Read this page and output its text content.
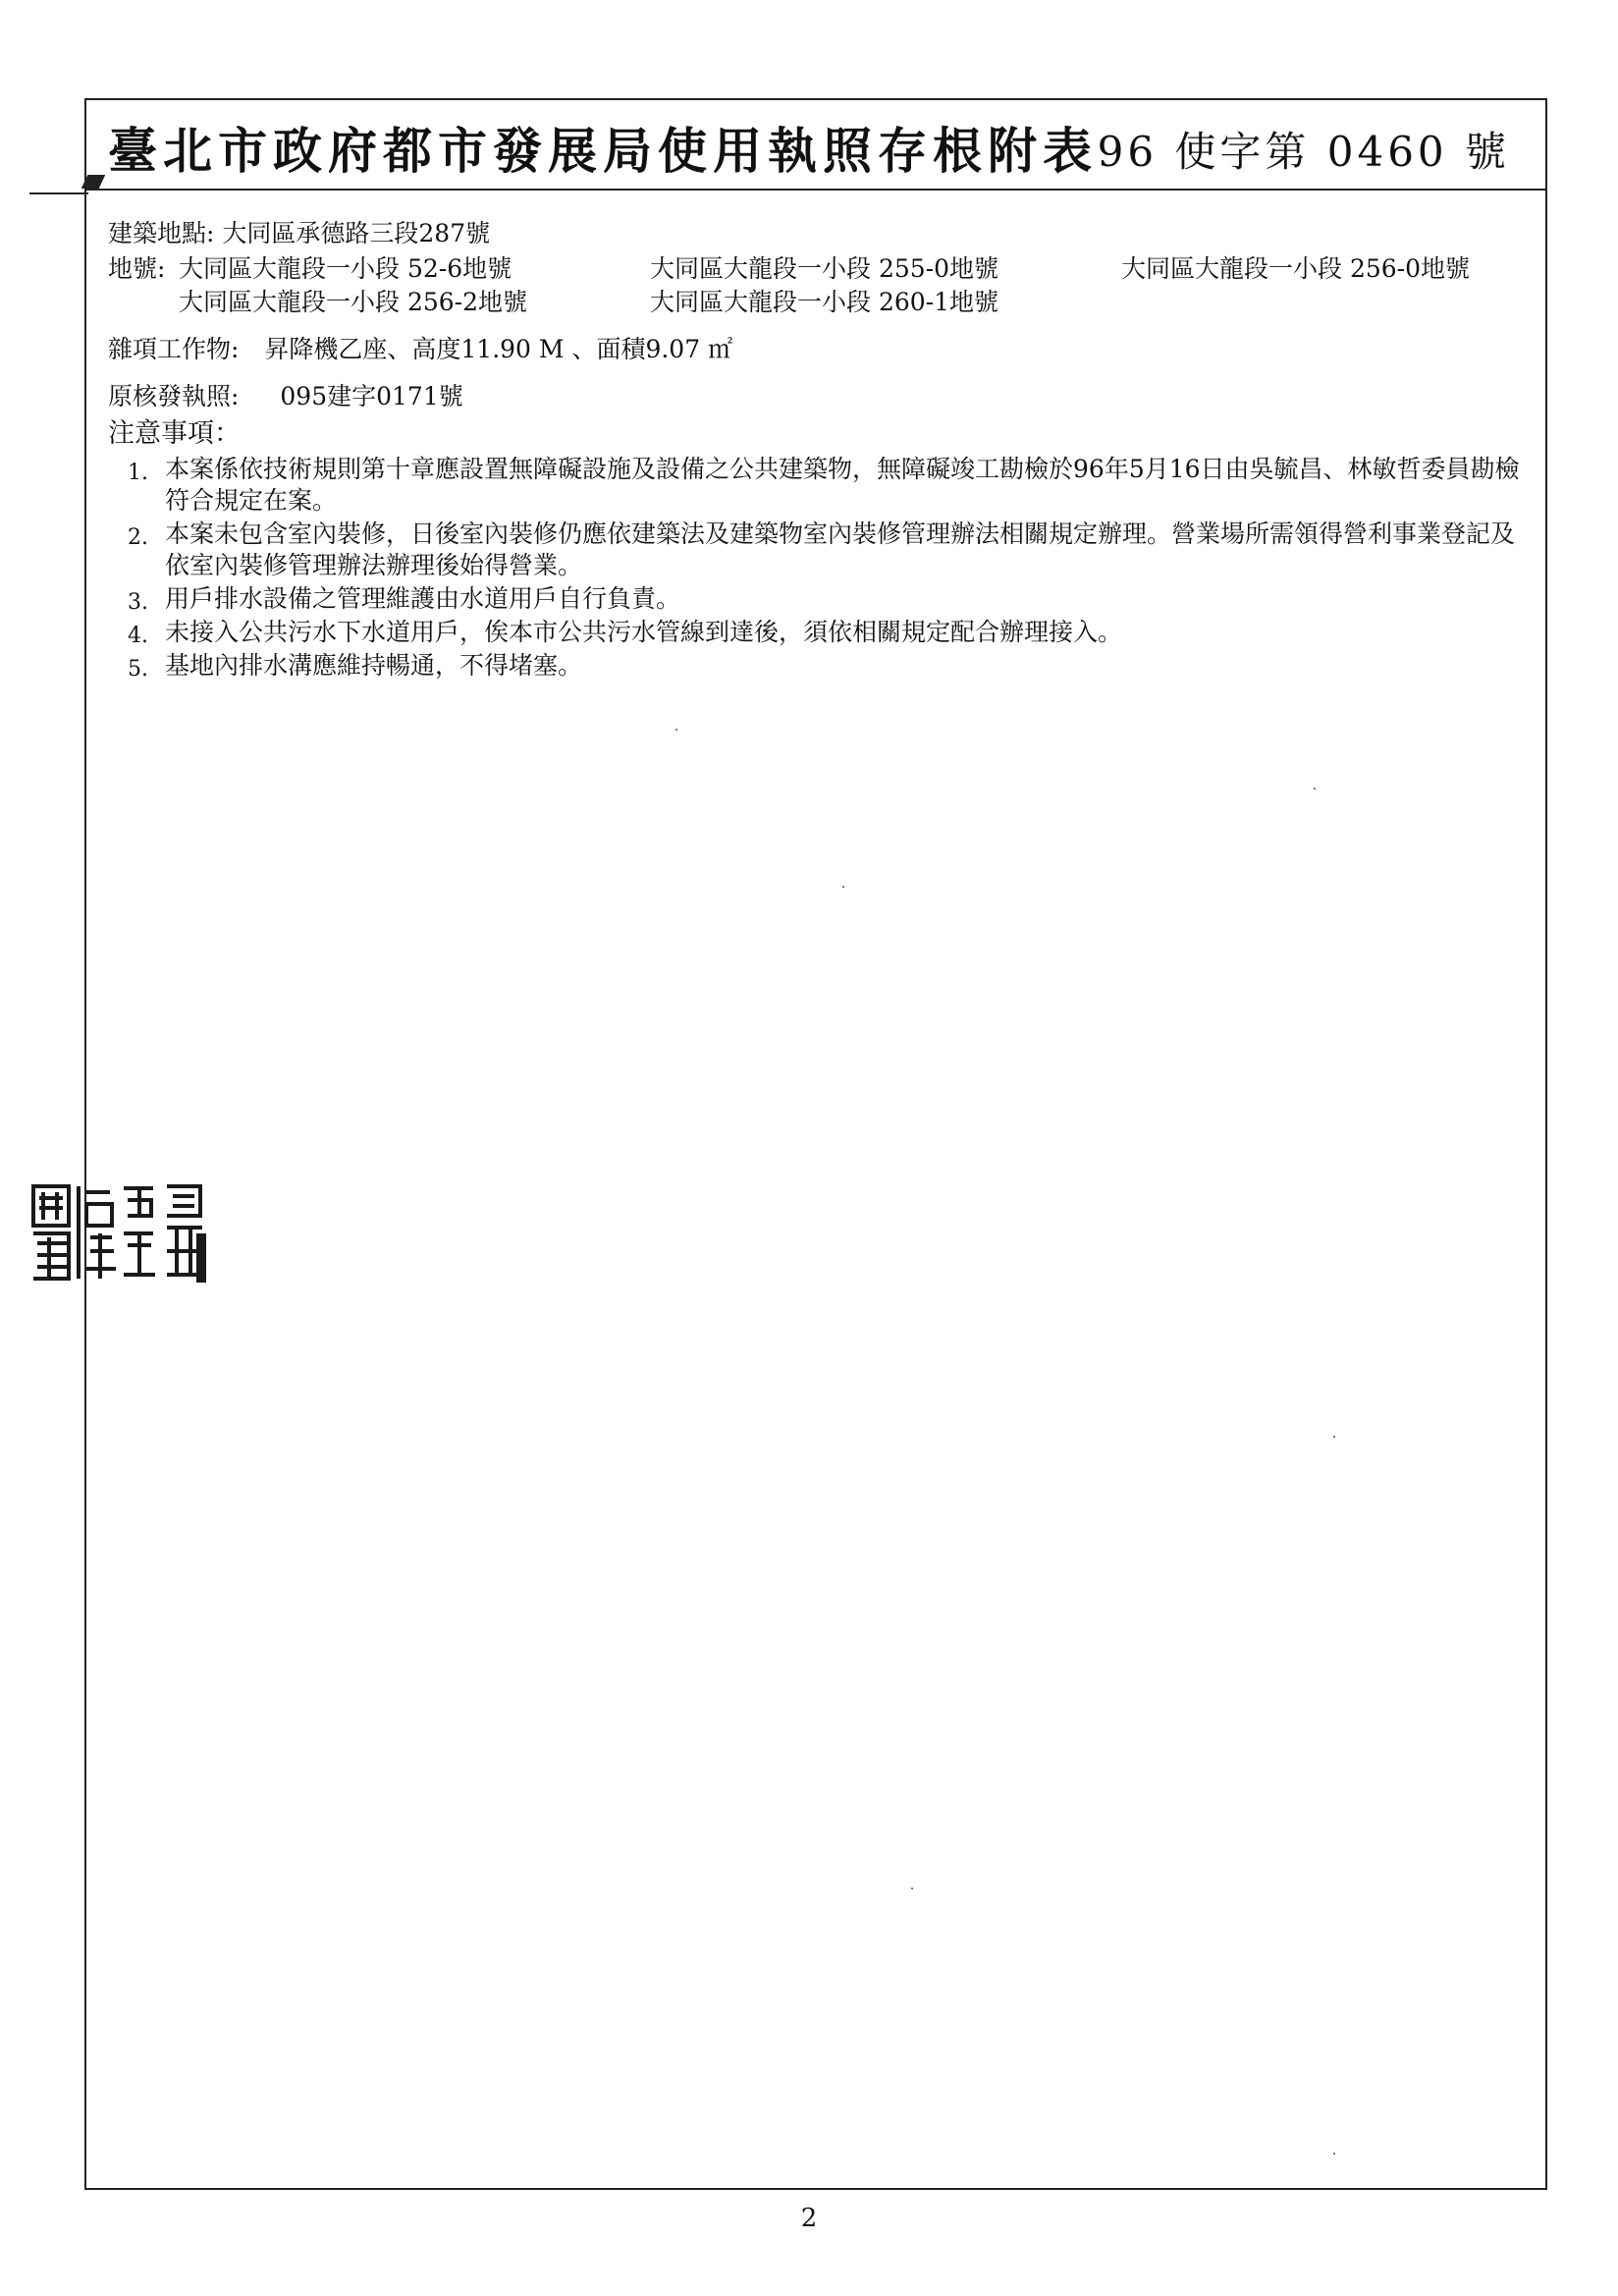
臺北市政府都市發展局使用執照存根附表 96 使字第 0460 號
建築地點: 大同區承德路三段287號
地號: 大同區大龍段一小段 52-6地號	大同區大龍段一小段 255-0地號	大同區大龍段一小段 256-0地號
大同區大龍段一小段 256-2地號	大同區大龍段一小段 260-1地號
雜項工作物: 昇降機乙座、高度11.90 M 、面積9.07 ㎡
原核發執照: 095建字0171號
注意事項：
1. 本案係依技術規則第十章應設置無障礙設施及設備之公共建築物，無障礙竣工勘檢於96年5月16日由吳毓昌、林敏哲委員勘檢符合規定在案。
2. 本案未包含室內裝修，日後室內裝修仍應依建築法及建築物室內裝修管理辦法相關規定辦理。營業場所需領得營利事業登記及依室內裝修管理辦法辦理後始得營業。
3. 用戶排水設備之管理維護由水道用戶自行負責。
4. 未接入公共污水下水道用戶，俟本市公共污水管線到達後，須依相關規定配合辦理接入。
5. 基地內排水溝應維持暢通，不得堵塞。
2
